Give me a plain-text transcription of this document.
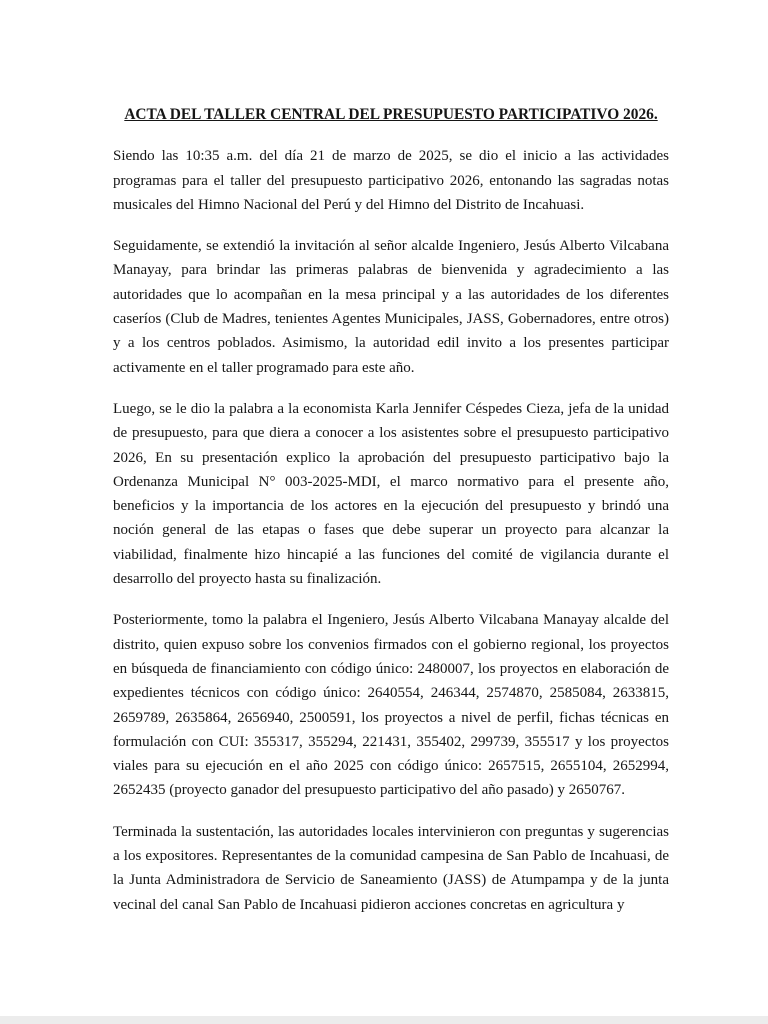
ACTA DEL TALLER CENTRAL DEL PRESUPUESTO PARTICIPATIVO 2026.

Siendo las 10:35 a.m. del día 21 de marzo de 2025, se dio el inicio a las actividades programas para el taller del presupuesto participativo 2026, entonando las sagradas notas musicales del Himno Nacional del Perú y del Himno del Distrito de Incahuasi.

Seguidamente, se extendió la invitación al señor alcalde Ingeniero, Jesús Alberto Vilcabana Manayay, para brindar las primeras palabras de bienvenida y agradecimiento a las autoridades que lo acompañan en la mesa principal y a las autoridades de los diferentes caseríos (Club de Madres, tenientes Agentes Municipales, JASS, Gobernadores, entre otros) y a los centros poblados. Asimismo, la autoridad edil invito a los presentes participar activamente en el taller programado para este año.

Luego, se le dio la palabra a la economista Karla Jennifer Céspedes Cieza, jefa de la unidad de presupuesto, para que diera a conocer a los asistentes sobre el presupuesto participativo 2026, En su presentación explico la aprobación del presupuesto participativo bajo la Ordenanza Municipal N° 003-2025-MDI, el marco normativo para el presente año, beneficios y la importancia de los actores en la ejecución del presupuesto y brindó una noción general de las etapas o fases que debe superar un proyecto para alcanzar la viabilidad, finalmente hizo hincapié a las funciones del comité de vigilancia durante el desarrollo del proyecto hasta su finalización.

Posteriormente, tomo la palabra el Ingeniero, Jesús Alberto Vilcabana Manayay alcalde del distrito, quien expuso sobre los convenios firmados con el gobierno regional, los proyectos en búsqueda de financiamiento con código único: 2480007, los proyectos en elaboración de expedientes técnicos con código único: 2640554, 246344, 2574870, 2585084, 2633815, 2659789, 2635864, 2656940, 2500591, los proyectos a nivel de perfil, fichas técnicas en formulación con CUI: 355317, 355294, 221431, 355402, 299739, 355517 y los proyectos viales para su ejecución en el año 2025 con código único: 2657515, 2655104, 2652994, 2652435 (proyecto ganador del presupuesto participativo del año pasado) y 2650767.

Terminada la sustentación, las autoridades locales intervinieron con preguntas y sugerencias a los expositores. Representantes de la comunidad campesina de San Pablo de Incahuasi, de la Junta Administradora de Servicio de Saneamiento (JASS) de Atumpampa y de la junta vecinal del canal San Pablo de Incahuasi pidieron acciones concretas en agricultura y
